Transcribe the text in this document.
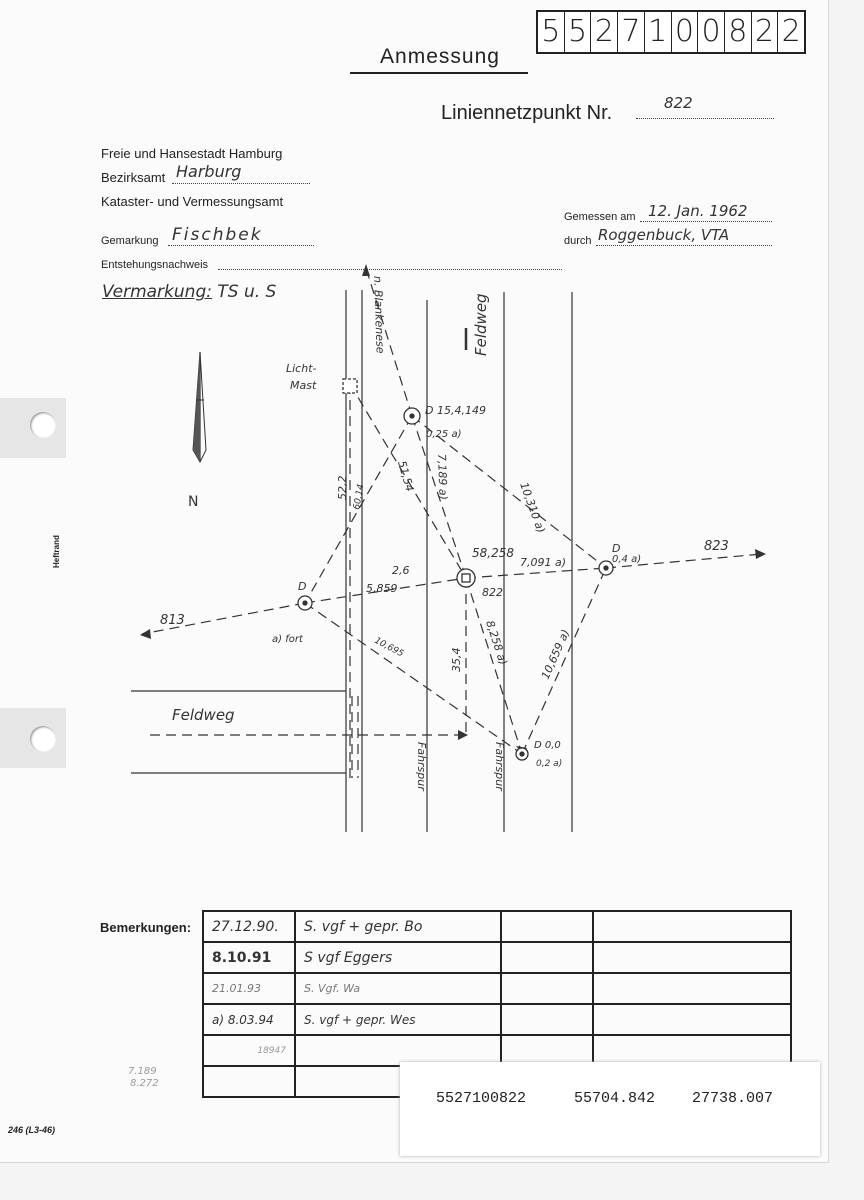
5 5 2 7 1 0 0 8 2 2
Anmessung
Liniennetzpunkt Nr.	822
Freie und Hansestadt Hamburg
Bezirksamt Harburg
Kataster- und Vermessungsamt
Gemessen am 12. Jan. 1962
durch Roggenbuck, VTA
Gemarkung Fischbek
Entstehungsnachweis
Vermarkung: TS u. S
Heftrand
N
Licht-
Mast
n. Blankenese	Feldweg
Feldweg
Fahrspur	Fahrspur
D 15,4,149
0,25 a)
58,258
822
D
0,4 a)
D
a) fort
D 0,0
0,2 a)
813
823
52,2 60,14
51,54 7,189 a)
10,310 a)
2,6
5,859
7,091 a)
35,4 8,258 a)	10,659 a)
10,695
Bemerkungen: 27.12.90.	S. vgf + gepr. Bo		
8.10.91	S vgf Eggers		
21.01.93	S. Vgf. Wa		
a) 8.03.94	S. vgf + gepr. Wes		
18947			

7.189
8.272
5527100822	55704.842 27738.007
246 (L3-46)
